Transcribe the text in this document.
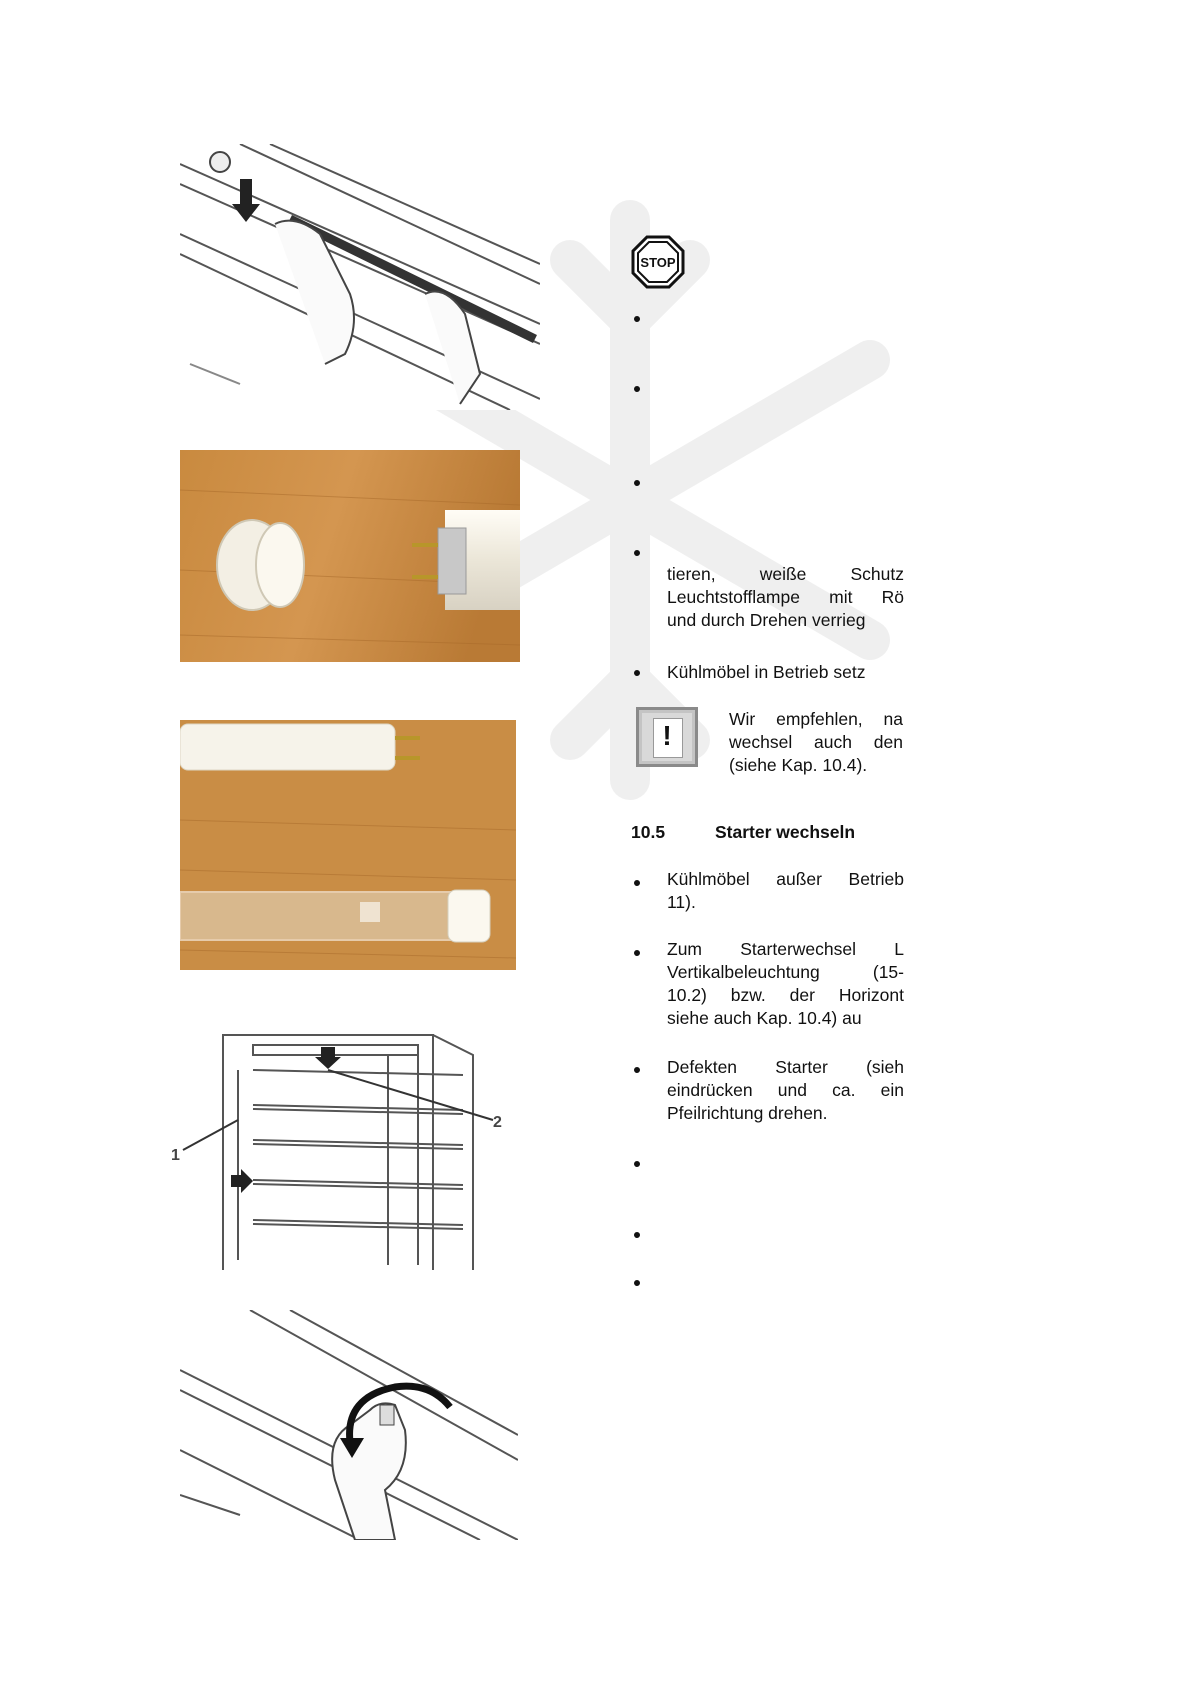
1
2
STOP
tieren, weiße Schutz
Leuchtstofflampe mit Rö
und durch Drehen verrieg
Kühlmöbel in Betrieb setz
!
Wir empfehlen, na
wechsel auch den
(siehe Kap. 10.4).
10.5	Starter wechseln
Kühlmöbel außer Betrieb
11).
Zum Starterwechsel L
Vertikalbeleuchtung (15-
10.2) bzw. der Horizont
siehe auch Kap. 10.4) au
Defekten Starter (sieh
eindrücken und ca. ein
Pfeilrichtung drehen.
